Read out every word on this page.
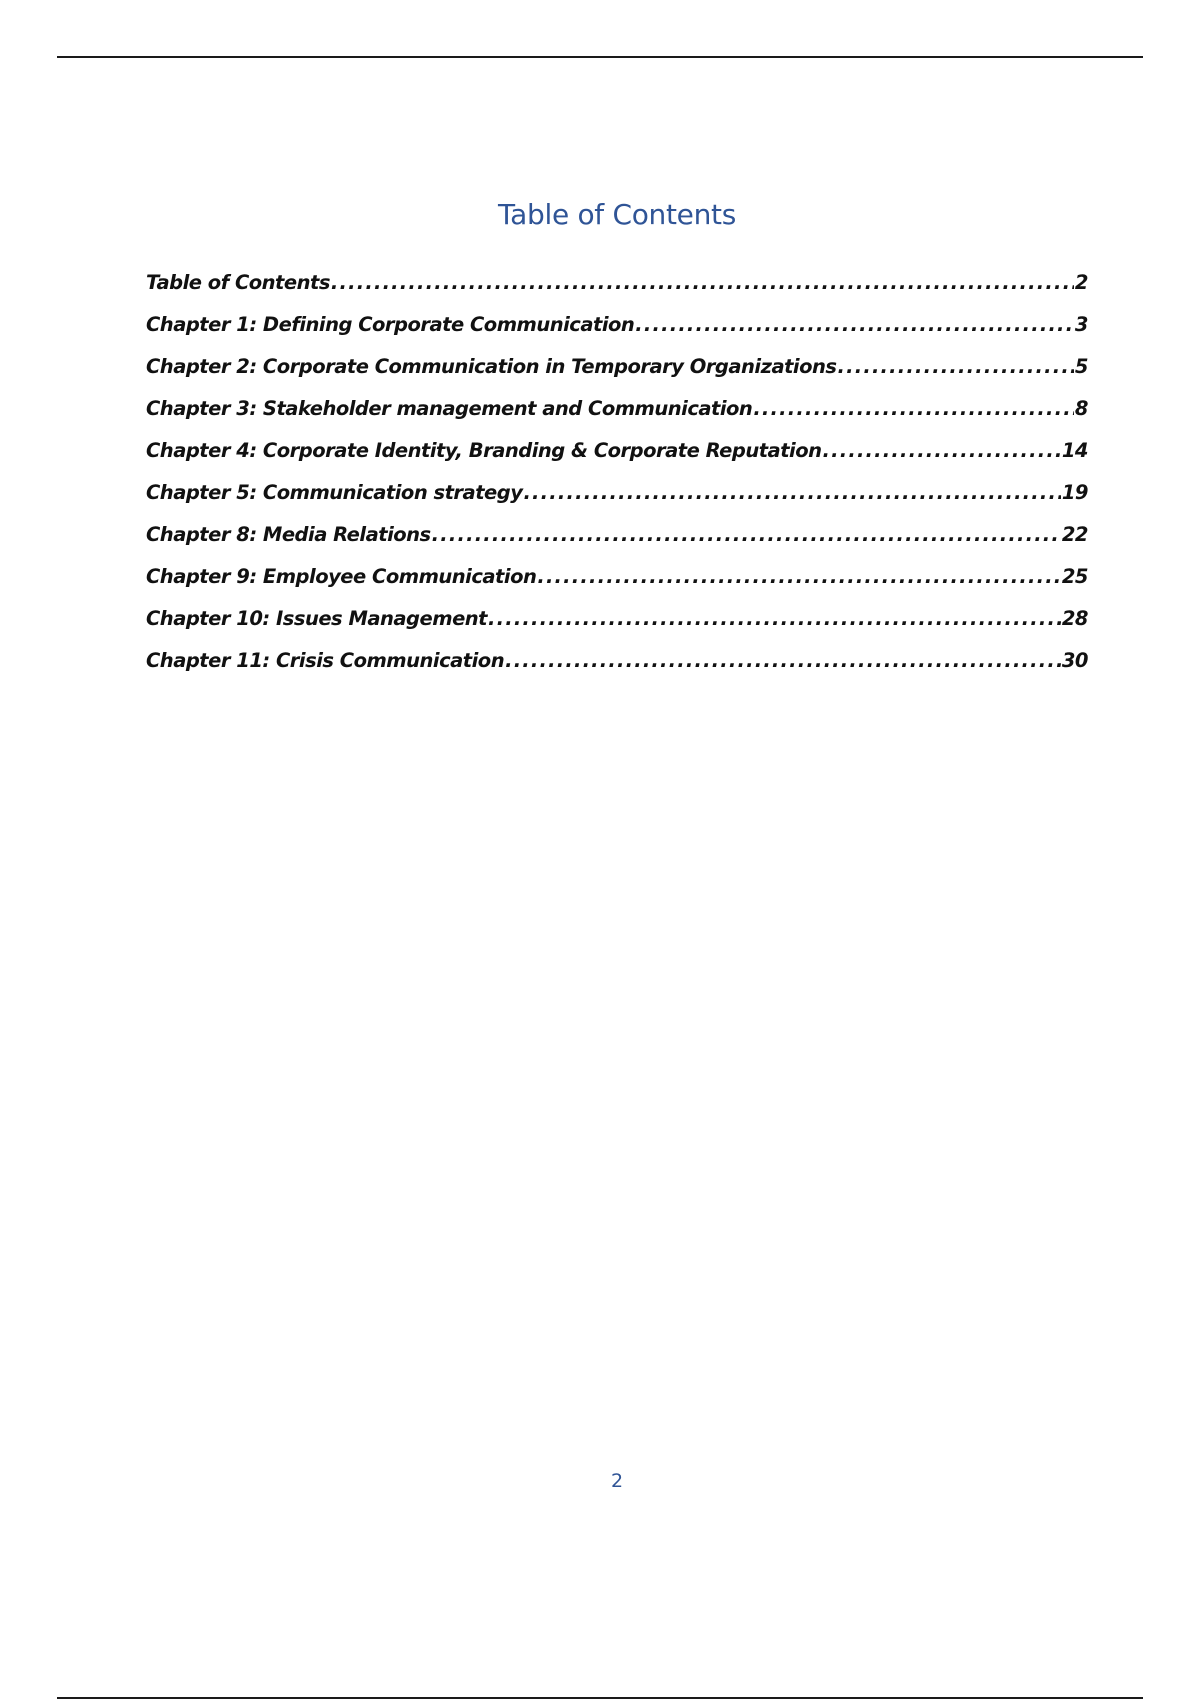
Table of Contents
Table of Contents .....	2
Chapter 1: Defining Corporate Communication .....	3
Chapter 2: Corporate Communication in Temporary Organizations .....	5
Chapter 3: Stakeholder management and Communication .....	8
Chapter 4: Corporate Identity, Branding & Corporate Reputation .....	14
Chapter 5: Communication strategy .....	19
Chapter 8: Media Relations .....	22
Chapter 9: Employee Communication .....	25
Chapter 10: Issues Management .....	28
Chapter 11: Crisis Communication .....	30
2
